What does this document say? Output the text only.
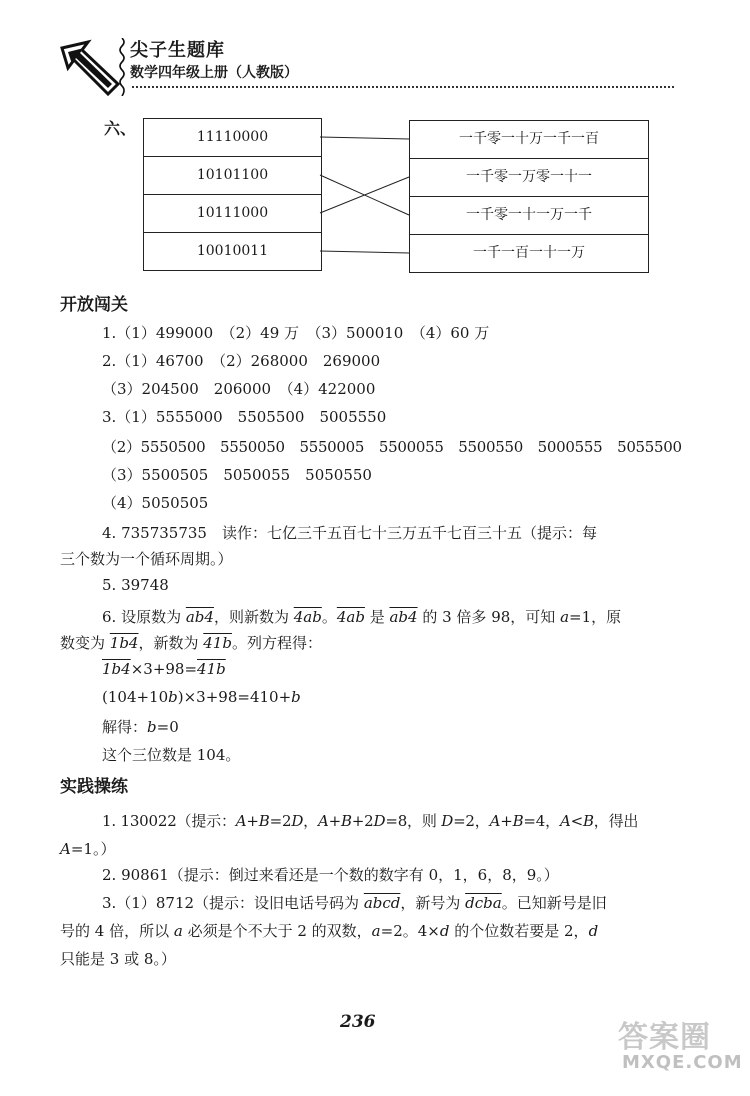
尖子生题库
数学四年级上册（人教版）
六、	11110000
10101100
10111000
10010011
一千零一十万一千一百
一千零一万零一十一
一千零一十一万一千
一千一百一十一万
开放闯关
1.（1）499000　（2）49 万　（3）500010　（4）60 万
2.（1）46700　（2）268000　269000
（3）204500　206000　（4）422000
3.（1）5555000　5505500　5005550
（2）5550500　5550050　5550005　5500055　5500550　5000555　5055500
（3）5500505　5050055　5050550
（4）5050505
4. 735735735　读作：七亿三千五百七十三万五千七百三十五（提示：每
三个数为一个循环周期。）
5. 39748
6. 设原数为 ab4，则新数为 4ab。4ab 是 ab4 的 3 倍多 98，可知 a=1，原
数变为 1b4，新数为 41b。列方程得：
1b4×3+98=41b
(104+10b)×3+98=410+b
解得：b=0
这个三位数是 104。
实践操练
1. 130022（提示：A+B=2D，A+B+2D=8，则 D=2，A+B=4，A<B，得出
A=1。）
2. 90861（提示：倒过来看还是一个数的数字有 0，1，6，8，9。）
3.（1）8712（提示：设旧电话号码为 abcd，新号为 dcba。已知新号是旧
号的 4 倍，所以 a 必须是个不大于 2 的双数，a=2。4×d 的个位数若要是 2，d
只能是 3 或 8。）
236	答案圈
MXQE.COM
